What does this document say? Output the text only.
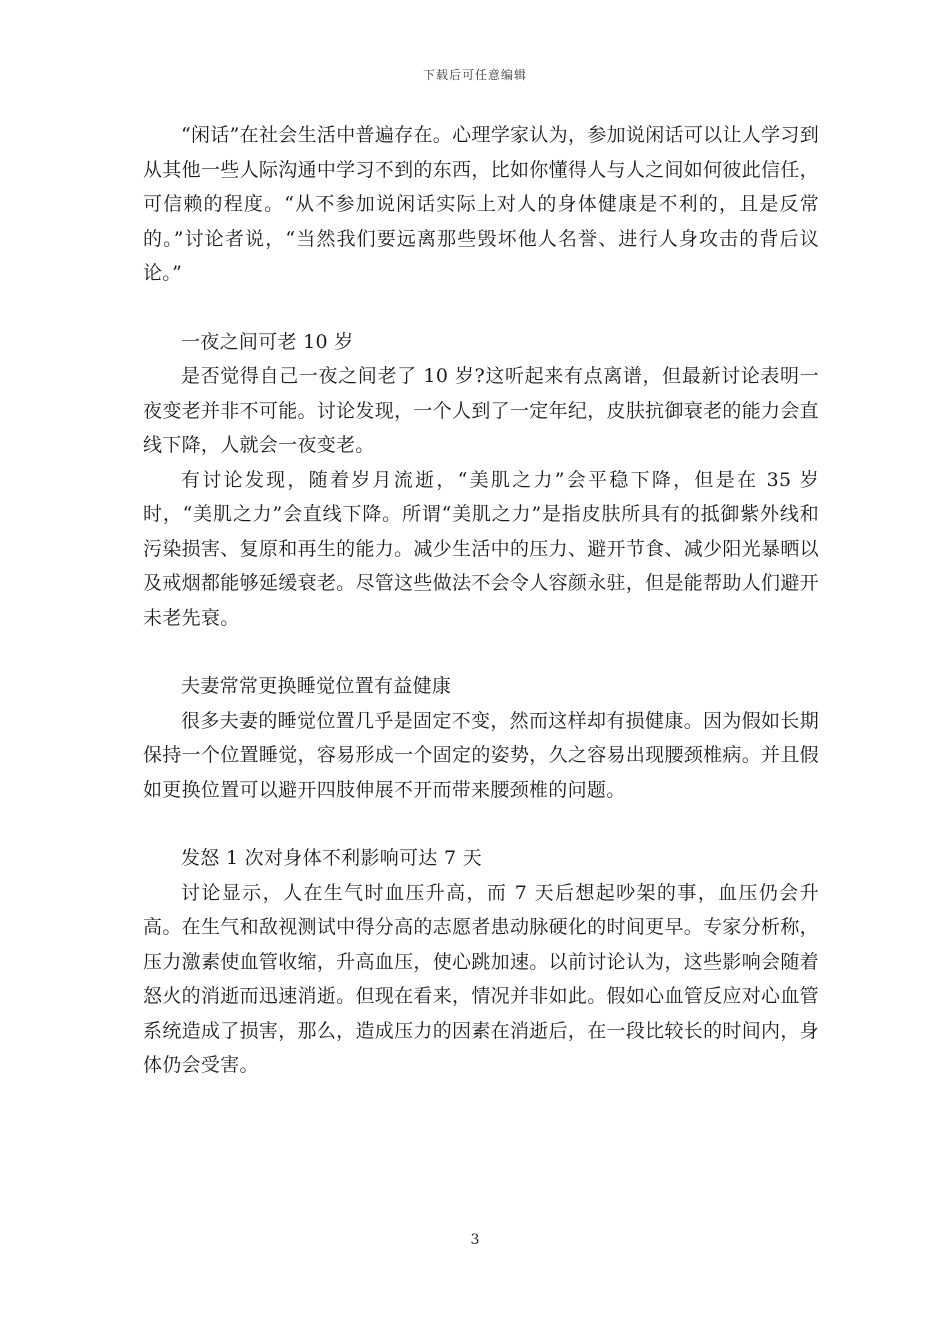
下载后可任意编辑

“闲话”在社会生活中普遍存在。心理学家认为，参加说闲话可以让人学习到从其他一些人际沟通中学习不到的东西，比如你懂得人与人之间如何彼此信任，可信赖的程度。“从不参加说闲话实际上对人的身体健康是不利的，且是反常的。”讨论者说，“当然我们要远离那些毁坏他人名誉、进行人身攻击的背后议论。”

一夜之间可老 10 岁

是否觉得自己一夜之间老了 10 岁?这听起来有点离谱，但最新讨论表明一夜变老并非不可能。讨论发现，一个人到了一定年纪，皮肤抗御衰老的能力会直线下降，人就会一夜变老。

有讨论发现，随着岁月流逝，“美肌之力”会平稳下降，但是在 35 岁时，“美肌之力”会直线下降。所谓“美肌之力”是指皮肤所具有的抵御紫外线和污染损害、复原和再生的能力。减少生活中的压力、避开节食、减少阳光暴晒以及戒烟都能够延缓衰老。尽管这些做法不会令人容颜永驻，但是能帮助人们避开未老先衰。

夫妻常常更换睡觉位置有益健康

很多夫妻的睡觉位置几乎是固定不变，然而这样却有损健康。因为假如长期保持一个位置睡觉，容易形成一个固定的姿势，久之容易出现腰颈椎病。并且假如更换位置可以避开四肢伸展不开而带来腰颈椎的问题。

发怒 1 次对身体不利影响可达 7 天

讨论显示，人在生气时血压升高，而 7 天后想起吵架的事，血压仍会升高。在生气和敌视测试中得分高的志愿者患动脉硬化的时间更早。专家分析称，压力激素使血管收缩，升高血压，使心跳加速。以前讨论认为，这些影响会随着怒火的消逝而迅速消逝。但现在看来，情况并非如此。假如心血管反应对心血管系统造成了损害，那么，造成压力的因素在消逝后，在一段比较长的时间内，身体仍会受害。

3
